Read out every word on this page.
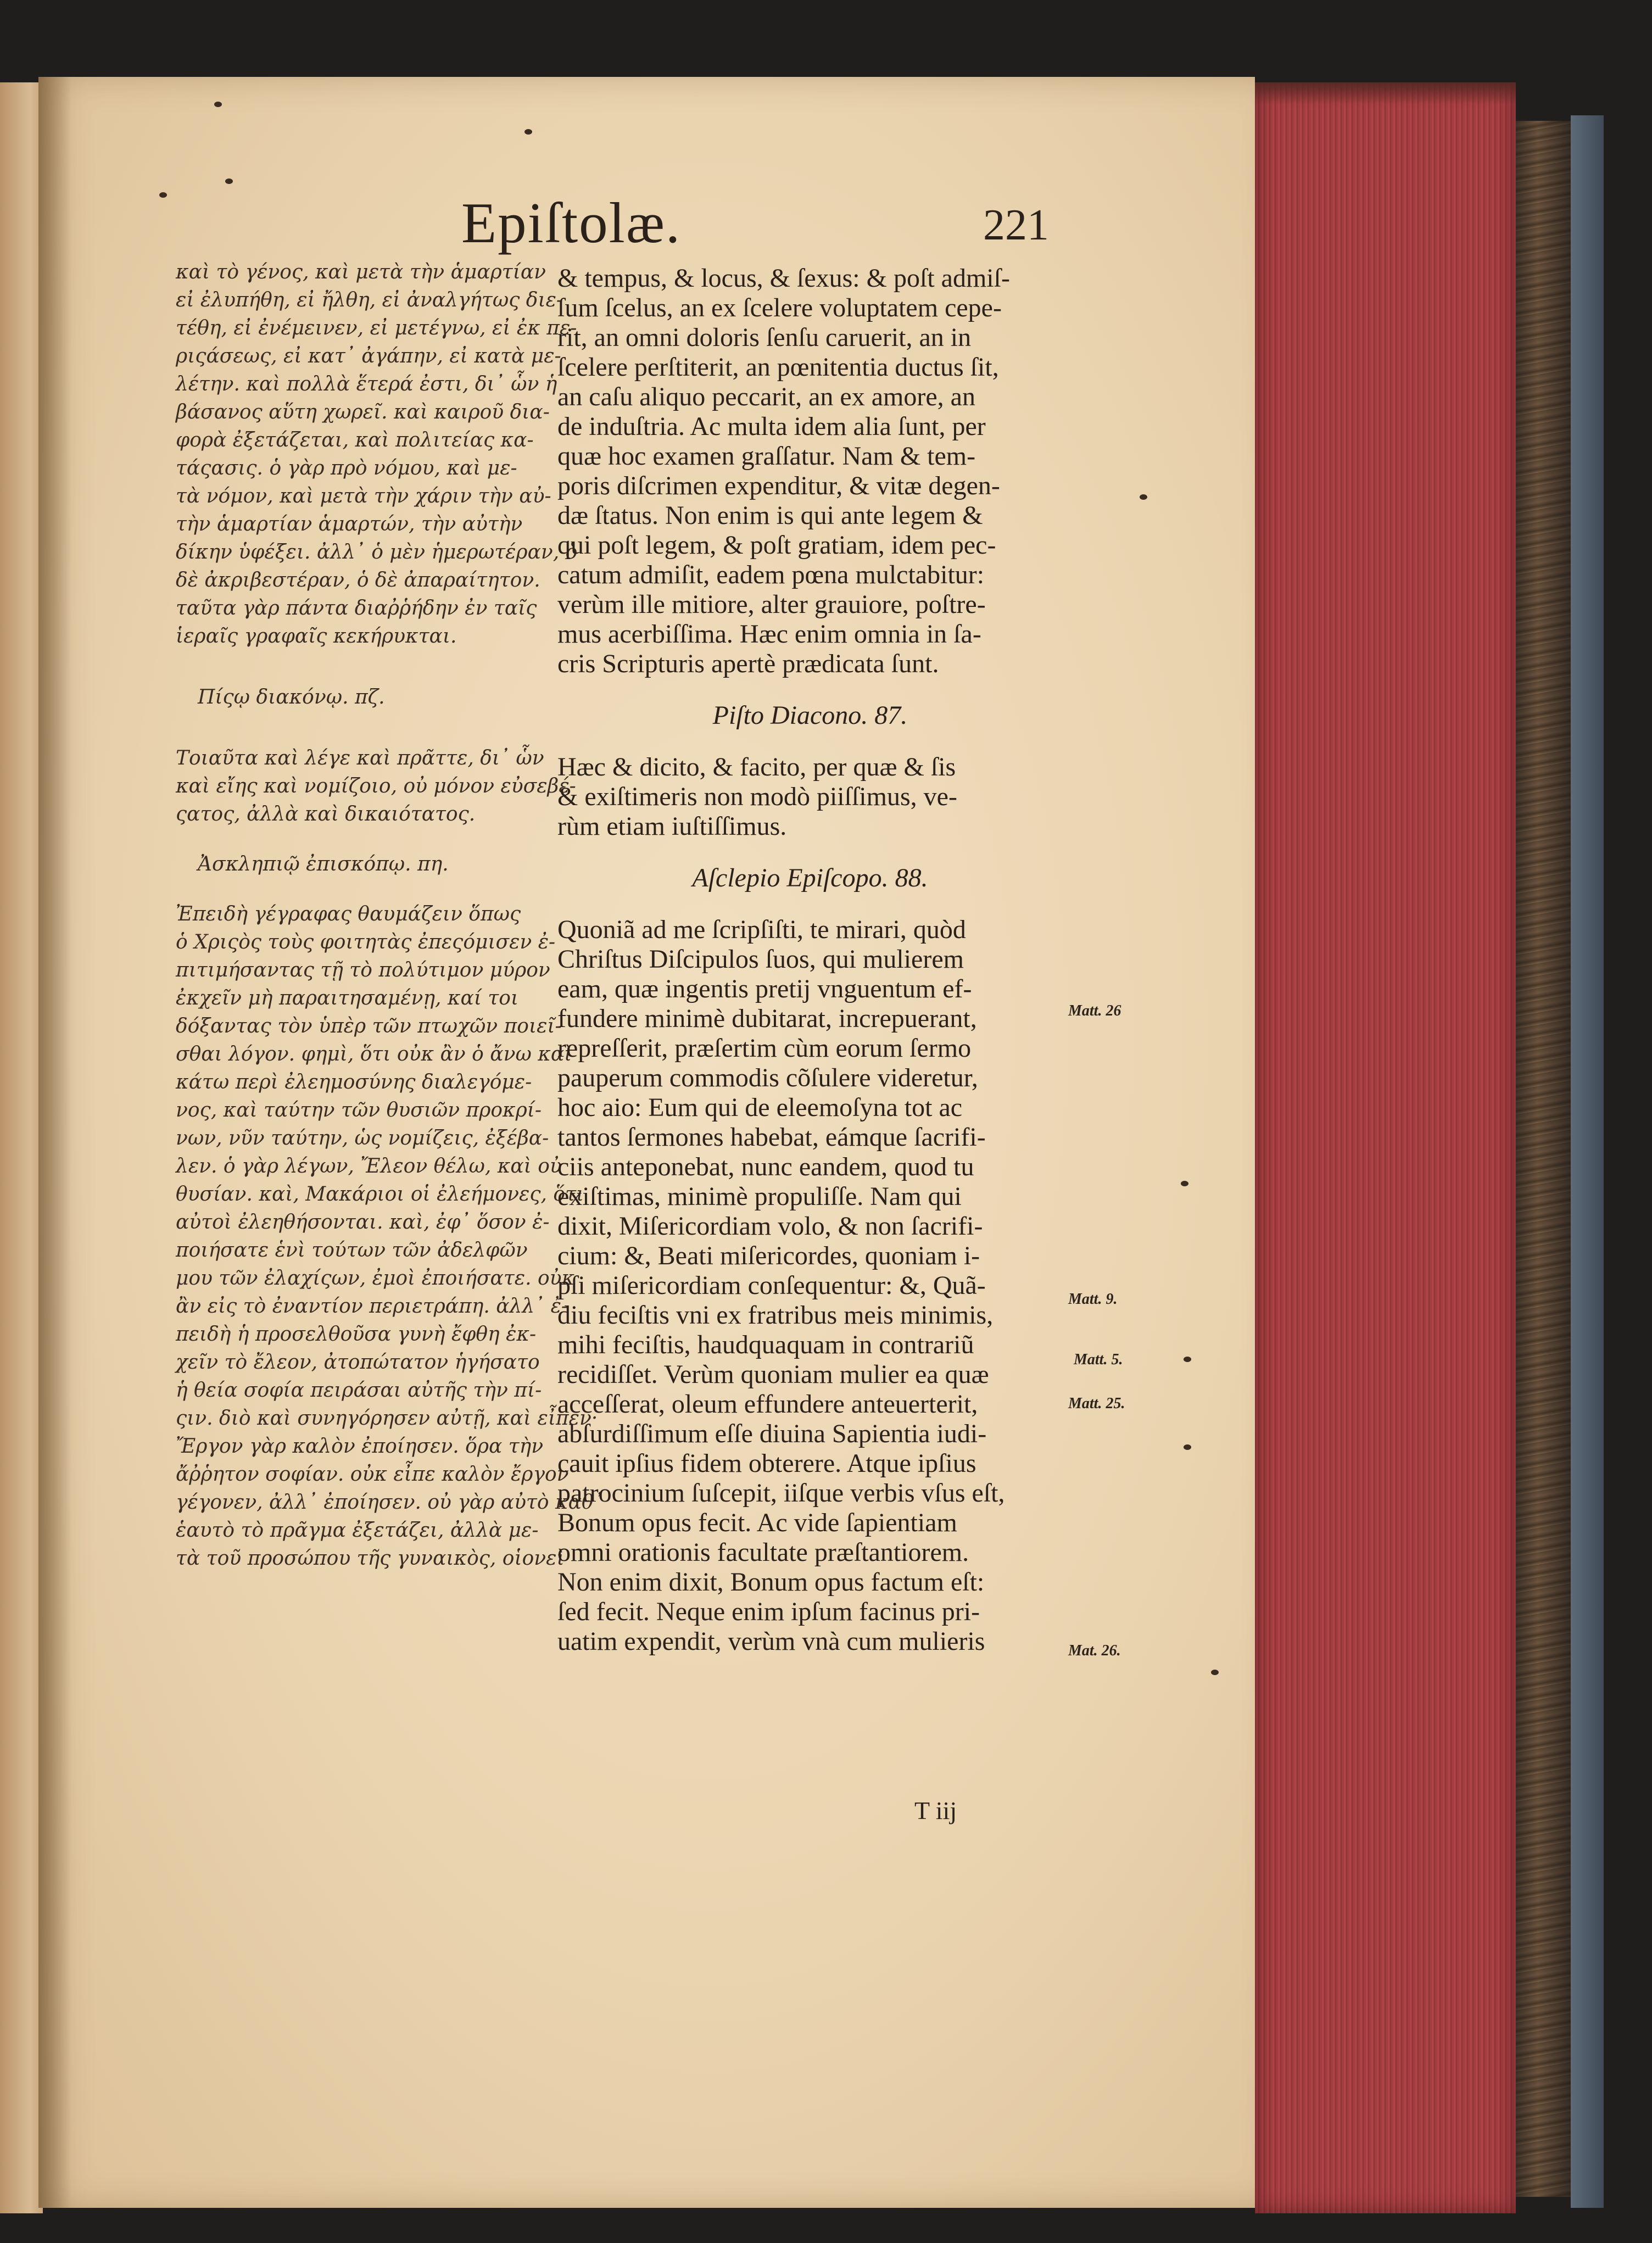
Epiſtolæ.	221
καὶ τὸ γένος, καὶ μετὰ τὴν ἁμαρτίαν
εἰ ἐλυπήθη, εἰ ἤλθη, εἰ ἀναλγήτως διε-
τέθη, εἰ ἐνέμεινεν, εἰ μετέγνω, εἰ ἐκ πε-
ριςάσεως, εἰ κατ᾽ ἀγάπην, εἰ κατὰ με-
λέτην. καὶ πολλὰ ἕτερά ἐστι, δι᾽ ὧν ἡ
βάσανος αὕτη χωρεῖ. καὶ καιροῦ δια-
φορὰ ἐξετάζεται, καὶ πολιτείας κα-
τάςασις. ὁ γὰρ πρὸ νόμου, καὶ με-
τὰ νόμον, καὶ μετὰ τὴν χάριν τὴν αὐ-
τὴν ἁμαρτίαν ἁμαρτών, τὴν αὐτὴν
δίκην ὑφέξει. ἀλλ᾽ ὁ μὲν ἡμερωτέραν, ὁ
δὲ ἀκριβεστέραν, ὁ δὲ ἀπαραίτητον.
ταῦτα γὰρ πάντα διαῤῥήδην ἐν ταῖς
ἱεραῖς γραφαῖς κεκήρυκται.
Πίςῳ διακόνῳ. πζ.
Τοιαῦτα καὶ λέγε καὶ πρᾶττε, δι᾽ ὧν
καὶ εἴης καὶ νομίζοιο, οὐ μόνον εὐσεβέ-
ςατος, ἀλλὰ καὶ δικαιότατος.
Ἀσκληπιῷ ἐπισκόπῳ. πη.
Ἐπειδὴ γέγραφας θαυμάζειν ὅπως
ὁ Χριςὸς τοὺς φοιτητὰς ἐπεςόμισεν ἐ-
πιτιμήσαντας τῇ τὸ πολύτιμον μύρον
ἐκχεῖν μὴ παραιτησαμένῃ, καί τοι
δόξαντας τὸν ὑπὲρ τῶν πτωχῶν ποιεῖ-
σθαι λόγον. φημὶ, ὅτι οὐκ ἂν ὁ ἄνω καὶ
κάτω περὶ ἐλεημοσύνης διαλεγόμε-
νος, καὶ ταύτην τῶν θυσιῶν προκρί-
νων, νῦν ταύτην, ὡς νομίζεις, ἐξέβα-
λεν. ὁ γὰρ λέγων, Ἔλεον θέλω, καὶ οὐ
θυσίαν. καὶ, Μακάριοι οἱ ἐλεήμονες, ὅτι
αὐτοὶ ἐλεηθήσονται. καὶ, ἐφ᾽ ὅσον ἐ-
ποιήσατε ἑνὶ τούτων τῶν ἀδελφῶν
μου τῶν ἐλαχίςων, ἐμοὶ ἐποιήσατε. οὐκ
ἂν εἰς τὸ ἐναντίον περιετράπη. ἀλλ᾽ ἐ-
πειδὴ ἡ προσελθοῦσα γυνὴ ἔφθη ἐκ-
χεῖν τὸ ἔλεον, ἀτοπώτατον ἡγήσατο
ἡ θεία σοφία πειράσαι αὐτῆς τὴν πί-
ςιν. διὸ καὶ συνηγόρησεν αὐτῇ, καὶ εἶπεν·
Ἔργον γὰρ καλὸν ἐποίησεν. ὅρα τὴν
ἄῤῥητον σοφίαν. οὐκ εἶπε καλὸν ἔργον
γέγονεν, ἀλλ᾽ ἐποίησεν. οὐ γὰρ αὐτὸ καθ᾽
ἑαυτὸ τὸ πρᾶγμα ἐξετάζει, ἀλλὰ με-
τὰ τοῦ προσώπου τῆς γυναικὸς, οἱονεὶ
& tempus, & locus, & ſexus: & poſt admiſ-
ſum ſcelus, an ex ſcelere voluptatem cepe-
rit, an omni doloris ſenſu caruerit, an in
ſcelere perſtiterit, an pœnitentia ductus ſit,
an caſu aliquo peccarit, an ex amore, an
de induſtria. Ac multa idem alia ſunt, per
quæ hoc examen graſſatur. Nam & tem-
poris diſcrimen expenditur, & vitæ degen-
dæ ſtatus. Non enim is qui ante legem &
qui poſt legem, & poſt gratiam, idem pec-
catum admiſit, eadem pœna mulctabitur:
verùm ille mitiore, alter grauiore, poſtre-
mus acerbiſſima. Hæc enim omnia in ſa-
cris Scripturis apertè prædicata ſunt.
Piſto Diacono. 87.
Hæc & dicito, & facito, per quæ & ſis
& exiſtimeris non modò piiſſimus, ve-
rùm etiam iuſtiſſimus.
Aſclepio Epiſcopo. 88.
Quoniã ad me ſcripſiſti, te mirari, quòd
Chriſtus Diſcipulos ſuos, qui mulierem
eam, quæ ingentis pretij vnguentum ef-
fundere minimè dubitarat, increpuerant,
repreſſerit, præſertim cùm eorum ſermo
pauperum commodis cõſulere videretur,
hoc aio: Eum qui de eleemoſyna tot ac
tantos ſermones habebat, eámque ſacrifi-
ciis anteponebat, nunc eandem, quod tu
exiſtimas, minimè propuliſſe. Nam qui
dixit, Miſericordiam volo, & non ſacrifi-
cium: &, Beati miſericordes, quoniam i-
pſi miſericordiam conſequentur: &, Quã-
diu feciſtis vni ex fratribus meis minimis,
mihi feciſtis, haudquaquam in contrariũ
recidiſſet. Verùm quoniam mulier ea quæ
acceſſerat, oleum effundere anteuerterit,
abſurdiſſimum eſſe diuina Sapientia iudi-
cauit ipſius fidem obterere. Atque ipſius
patrocinium ſuſcepit, iiſque verbis vſus eſt,
Bonum opus fecit. Ac vide ſapientiam
omni orationis facultate præſtantiorem.
Non enim dixit, Bonum opus factum eſt:
ſed fecit. Neque enim ipſum facinus pri-
uatim expendit, verùm vnà cum mulieris
Matt. 26
Matt. 9.
Matt. 5.
Matt. 25.
Mat. 26.
T iij
